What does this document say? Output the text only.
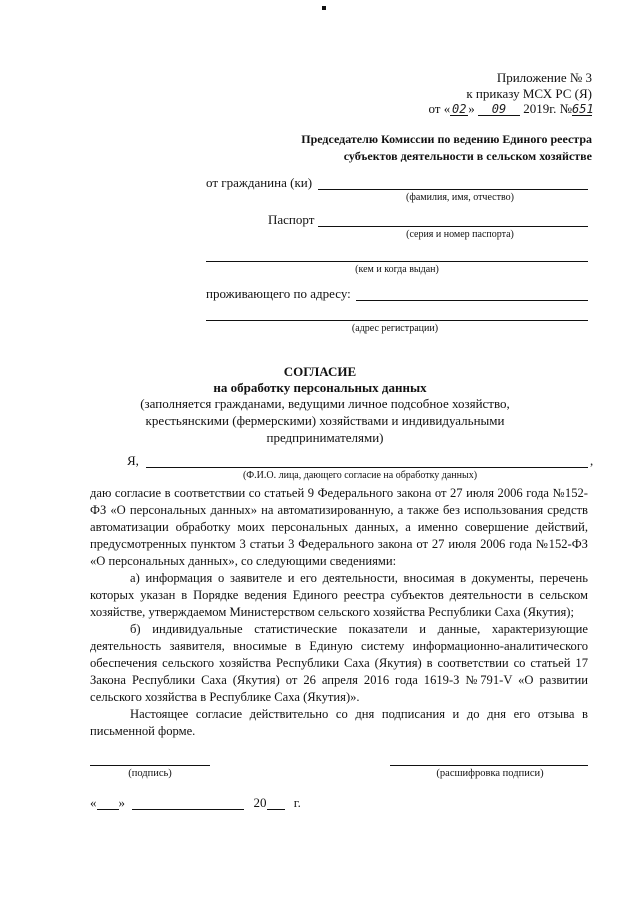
Приложение № 3
к приказу МСХ РС (Я)
от « 02 » 09 2019г. №651
Председателю Комиссии по ведению Единого реестра
субъектов деятельности в сельском хозяйстве
от гражданина (ки)
(фамилия, имя, отчество)
Паспорт
(серия и номер паспорта)
(кем и когда выдан)
проживающего по адресу:
(адрес регистрации)
СОГЛАСИЕ
на обработку персональных данных
(заполняется гражданами, ведущими личное подсобное хозяйство, крестьянскими (фермерскими) хозяйствами и индивидуальными предпринимателями)
Я,	,
(Ф.И.О. лица, дающего согласие на обработку данных)

даю согласие в соответствии со статьей 9 Федерального закона от 27 июля 2006 года №152-ФЗ «О персональных данных» на автоматизированную, а также без использования средств автоматизации обработку моих персональных данных, а именно совершение действий, предусмотренных пунктом 3 статьи 3 Федерального закона от 27 июля 2006 года №152-ФЗ «О персональных данных», со следующими сведениями:

а) информация о заявителе и его деятельности, вносимая в документы, перечень которых указан в Порядке ведения Единого реестра субъектов деятельности в сельском хозяйстве, утверждаемом Министерством сельского хозяйства Республики Саха (Якутия);

б) индивидуальные статистические показатели и данные, характеризующие деятельность заявителя, вносимые в Единую систему информационно-аналитического обеспечения сельского хозяйства Республики Саха (Якутия) в соответствии со статьей 17 Закона Республики Саха (Якутия) от 26 апреля 2016 года 1619-З №791-V «О развитии сельского хозяйства в Республике Саха (Якутия)».

Настоящее согласие действительно со дня подписания и до дня его отзыва в письменной форме.

(подпись)	(расшифровка подписи)
« »	20 г.
